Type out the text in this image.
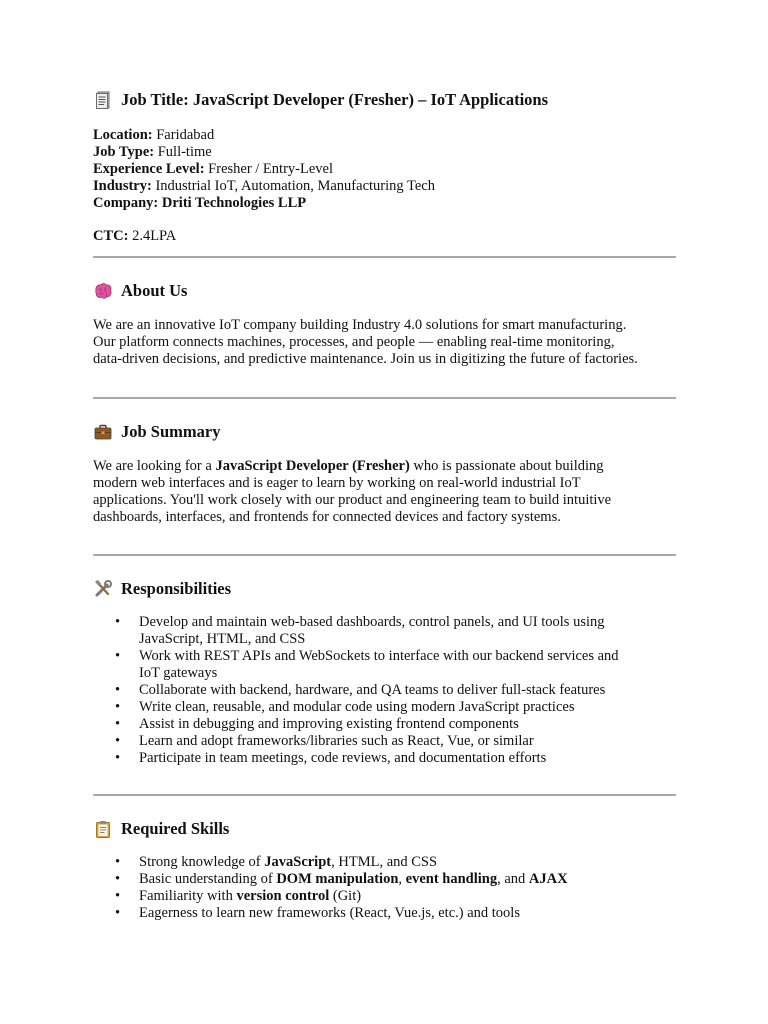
Job Title: JavaScript Developer (Fresher) – IoT Applications
Location: Faridabad
Job Type: Full-time
Experience Level: Fresher / Entry-Level
Industry: Industrial IoT, Automation, Manufacturing Tech
Company: Driti Technologies LLP
CTC: 2.4LPA
About Us

We are an innovative IoT company building Industry 4.0 solutions for smart manufacturing.

Our platform connects machines, processes, and people — enabling real-time monitoring,

data-driven decisions, and predictive maintenance. Join us in digitizing the future of factories.

Job Summary

We are looking for a JavaScript Developer (Fresher) who is passionate about building

modern web interfaces and is eager to learn by working on real-world industrial IoT

applications. You'll work closely with our product and engineering team to build intuitive

dashboards, interfaces, and frontends for connected devices and factory systems.

Responsibilities
• Develop and maintain web-based dashboards, control panels, and UI tools using
JavaScript, HTML, and CSS
• Work with REST APIs and WebSockets to interface with our backend services and
IoT gateways
• Collaborate with backend, hardware, and QA teams to deliver full-stack features
• Write clean, reusable, and modular code using modern JavaScript practices
• Assist in debugging and improving existing frontend components
• Learn and adopt frameworks/libraries such as React, Vue, or similar
• Participate in team meetings, code reviews, and documentation efforts
Required Skills
• Strong knowledge of JavaScript, HTML, and CSS
• Basic understanding of DOM manipulation, event handling, and AJAX
• Familiarity with version control (Git)
• Eagerness to learn new frameworks (React, Vue.js, etc.) and tools
